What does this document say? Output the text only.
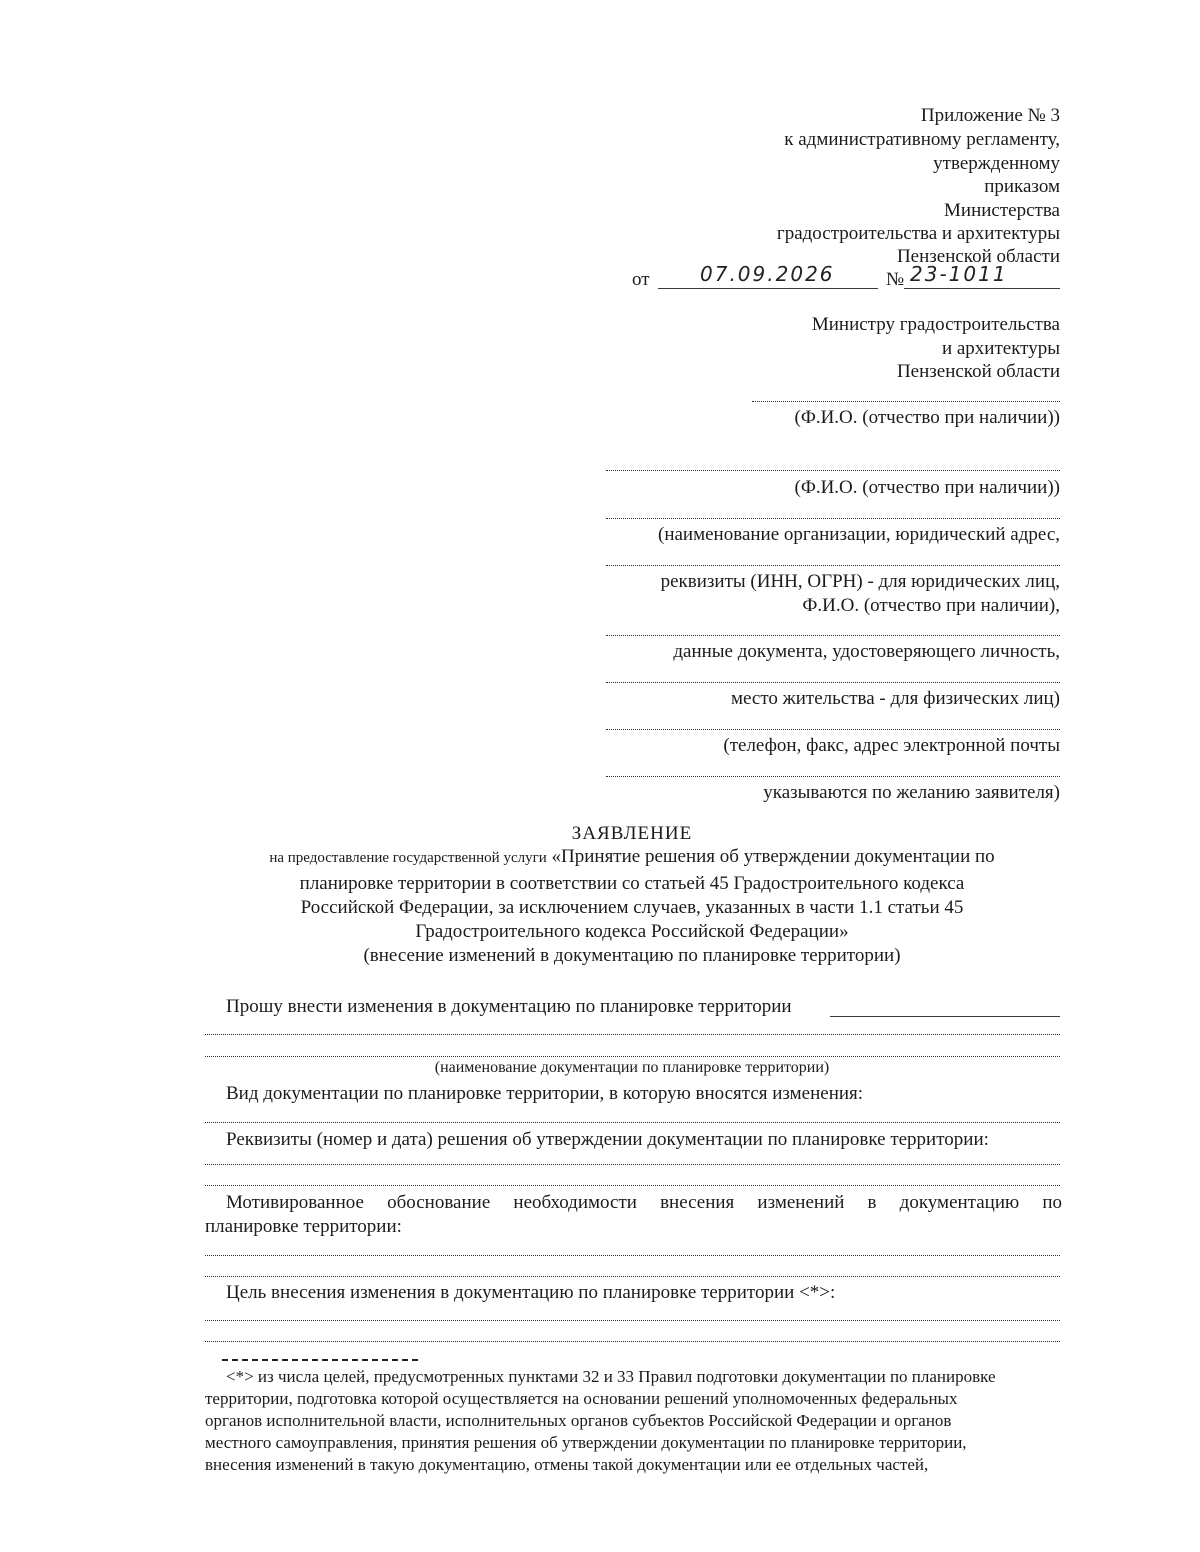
Приложение № 3
к административному регламенту,
утвержденному
приказом
Министерства
градостроительства и архитектуры
Пензенской области
от	07.09.2026	№ 23-1011
Министру градостроительства
и архитектуры
Пензенской области
(Ф.И.О. (отчество при наличии))
(Ф.И.О. (отчество при наличии))
(наименование организации, юридический адрес,
реквизиты (ИНН, ОГРН) - для юридических лиц,
Ф.И.О. (отчество при наличии),
данные документа, удостоверяющего личность,
место жительства - для физических лиц)
(телефон, факс, адрес электронной почты
указываются по желанию заявителя)
ЗАЯВЛЕНИЕ
на предоставление государственной услуги «Принятие решения об утверждении документации по
планировке территории в соответствии со статьей 45 Градостроительного кодекса
Российской Федерации, за исключением случаев, указанных в части 1.1 статьи 45
Градостроительного кодекса Российской Федерации»
(внесение изменений в документацию по планировке территории)
Прошу внести изменения в документацию по планировке территории
(наименование документации по планировке территории)
Вид документации по планировке территории, в которую вносятся изменения:
Реквизиты (номер и дата) решения об утверждении документации по планировке территории:
Мотивированное обоснование необходимости внесения изменений в документацию по
планировке территории:
Цель внесения изменения в документацию по планировке территории <*>:
<*> из числа целей, предусмотренных пунктами 32 и 33 Правил подготовки документации по планировке
территории, подготовка которой осуществляется на основании решений уполномоченных федеральных
органов исполнительной власти, исполнительных органов субъектов Российской Федерации и органов
местного самоуправления, принятия решения об утверждении документации по планировке территории,
внесения изменений в такую документацию, отмены такой документации или ее отдельных частей,
